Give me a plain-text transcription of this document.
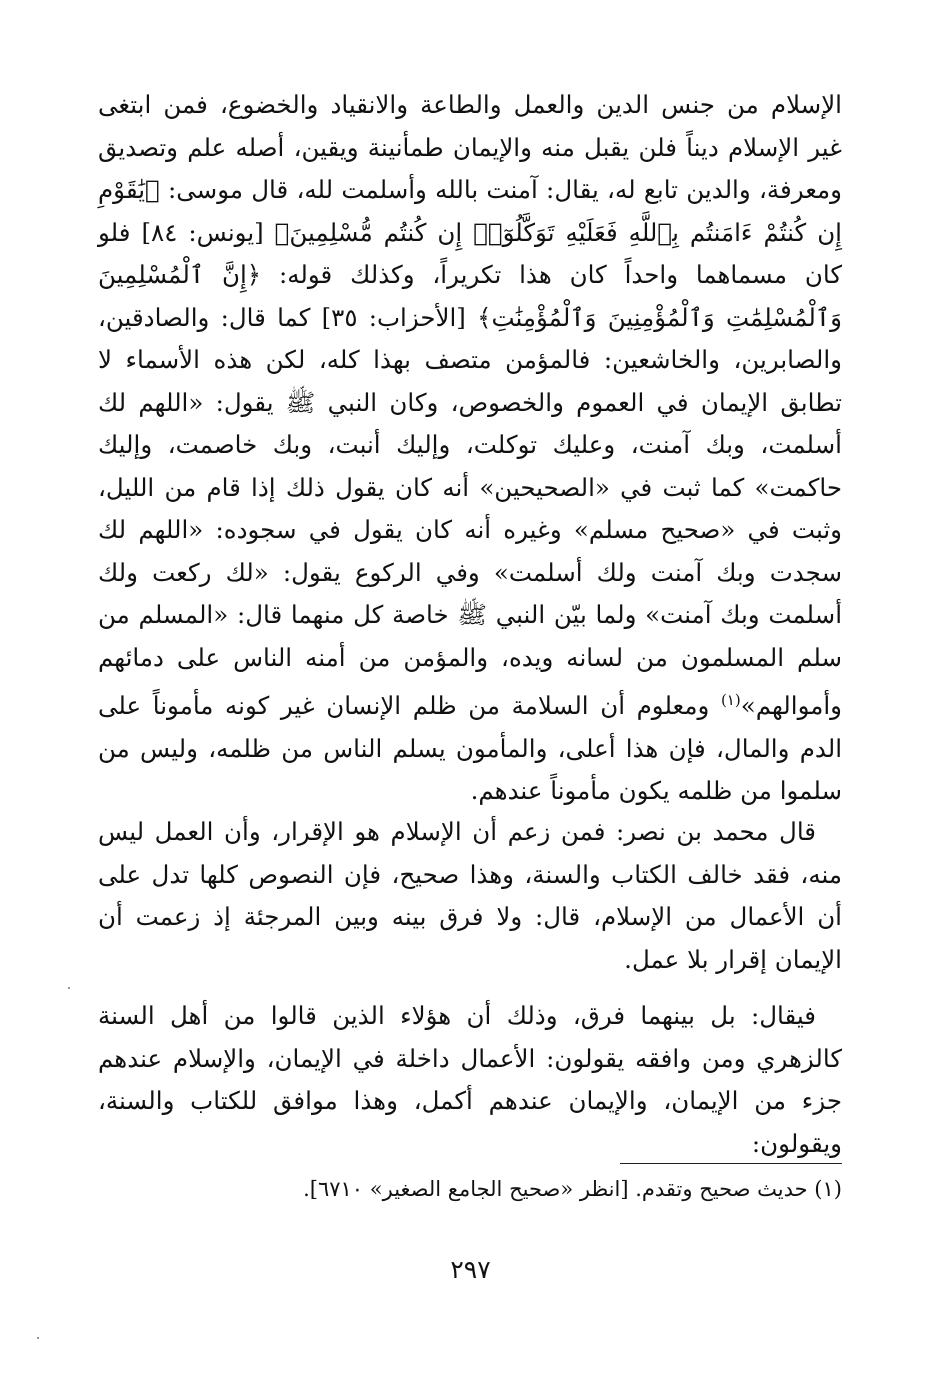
الإسلام من جنس الدين والعمل والطاعة والانقياد والخضوع، فمن ابتغى غير الإسلام ديناً فلن يقبل منه والإيمان طمأنينة ويقين، أصله علم وتصديق ومعرفة، والدين تابع له، يقال: آمنت بالله وأسلمت لله، قال موسى: ﴿يَٰقَوْمِ إِن كُنتُمْ ءَامَنتُم بِٱللَّهِ فَعَلَيْهِ تَوَكَّلُوٓا۟ إِن كُنتُم مُّسْلِمِينَ﴾ [يونس: ٨٤] فلو كان مسماهما واحداً كان هذا تكريراً، وكذلك قوله: ﴿إِنَّ ٱلْمُسْلِمِينَ وَٱلْمُسْلِمَٰتِ وَٱلْمُؤْمِنِينَ وَٱلْمُؤْمِنَٰتِ﴾ [الأحزاب: ٣٥] كما قال: والصادقين، والصابرين، والخاشعين: فالمؤمن متصف بهذا كله، لكن هذه الأسماء لا تطابق الإيمان في العموم والخصوص، وكان النبي ﷺ يقول: «اللهم لك أسلمت، وبك آمنت، وعليك توكلت، وإليك أنبت، وبك خاصمت، وإليك حاكمت» كما ثبت في «الصحيحين» أنه كان يقول ذلك إذا قام من الليل، وثبت في «صحيح مسلم» وغيره أنه كان يقول في سجوده: «اللهم لك سجدت وبك آمنت ولك أسلمت» وفي الركوع يقول: «لك ركعت ولك أسلمت وبك آمنت» ولما بيّن النبي ﷺ خاصة كل منهما قال: «المسلم من سلم المسلمون من لسانه ويده، والمؤمن من أمنه الناس على دمائهم وأموالهم»$^{(١)}$ ومعلوم أن السلامة من ظلم الإنسان غير كونه مأموناً على الدم والمال، فإن هذا أعلى، والمأمون يسلم الناس من ظلمه، وليس من سلموا من ظلمه يكون مأموناً عندهم.

قال محمد بن نصر: فمن زعم أن الإسلام هو الإقرار، وأن العمل ليس منه، فقد خالف الكتاب والسنة، وهذا صحيح، فإن النصوص كلها تدل على أن الأعمال من الإسلام، قال: ولا فرق بينه وبين المرجئة إذ زعمت أن الإيمان إقرار بلا عمل.

فيقال: بل بينهما فرق، وذلك أن هؤلاء الذين قالوا من أهل السنة كالزهري ومن وافقه يقولون: الأعمال داخلة في الإيمان، والإسلام عندهم جزء من الإيمان، والإيمان عندهم أكمل، وهذا موافق للكتاب والسنة، ويقولون:

(١) حديث صحيح وتقدم. [انظر «صحيح الجامع الصغير» ٦٧١٠].
٢٩٧
